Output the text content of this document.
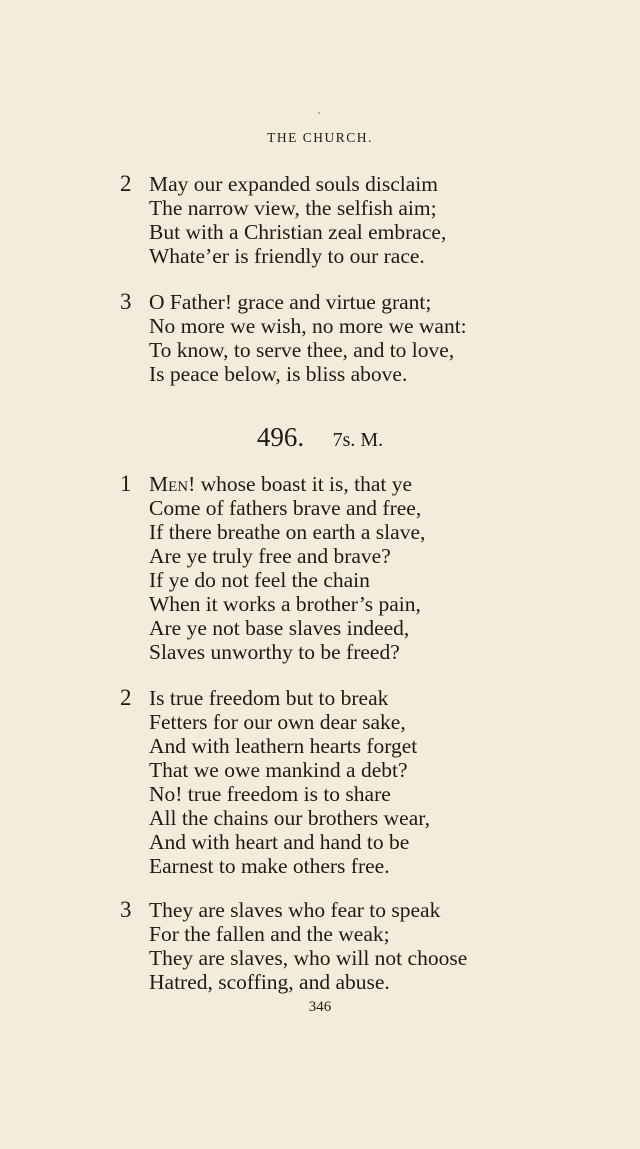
THE CHURCH.
2 May our expanded souls disclaim
The narrow view, the selfish aim;
But with a Christian zeal embrace,
Whate’er is friendly to our race.
3 O Father! grace and virtue grant;
No more we wish, no more we want:
To know, to serve thee, and to love,
Is peace below, is bliss above.
496. 7s. M.
1 Men! whose boast it is, that ye
Come of fathers brave and free,
If there breathe on earth a slave,
Are ye truly free and brave?
If ye do not feel the chain
When it works a brother’s pain,
Are ye not base slaves indeed,
Slaves unworthy to be freed?
2 Is true freedom but to break
Fetters for our own dear sake,
And with leathern hearts forget
That we owe mankind a debt?
No! true freedom is to share
All the chains our brothers wear,
And with heart and hand to be
Earnest to make others free.
3 They are slaves who fear to speak
For the fallen and the weak;
They are slaves, who will not choose
Hatred, scoffing, and abuse.
346
